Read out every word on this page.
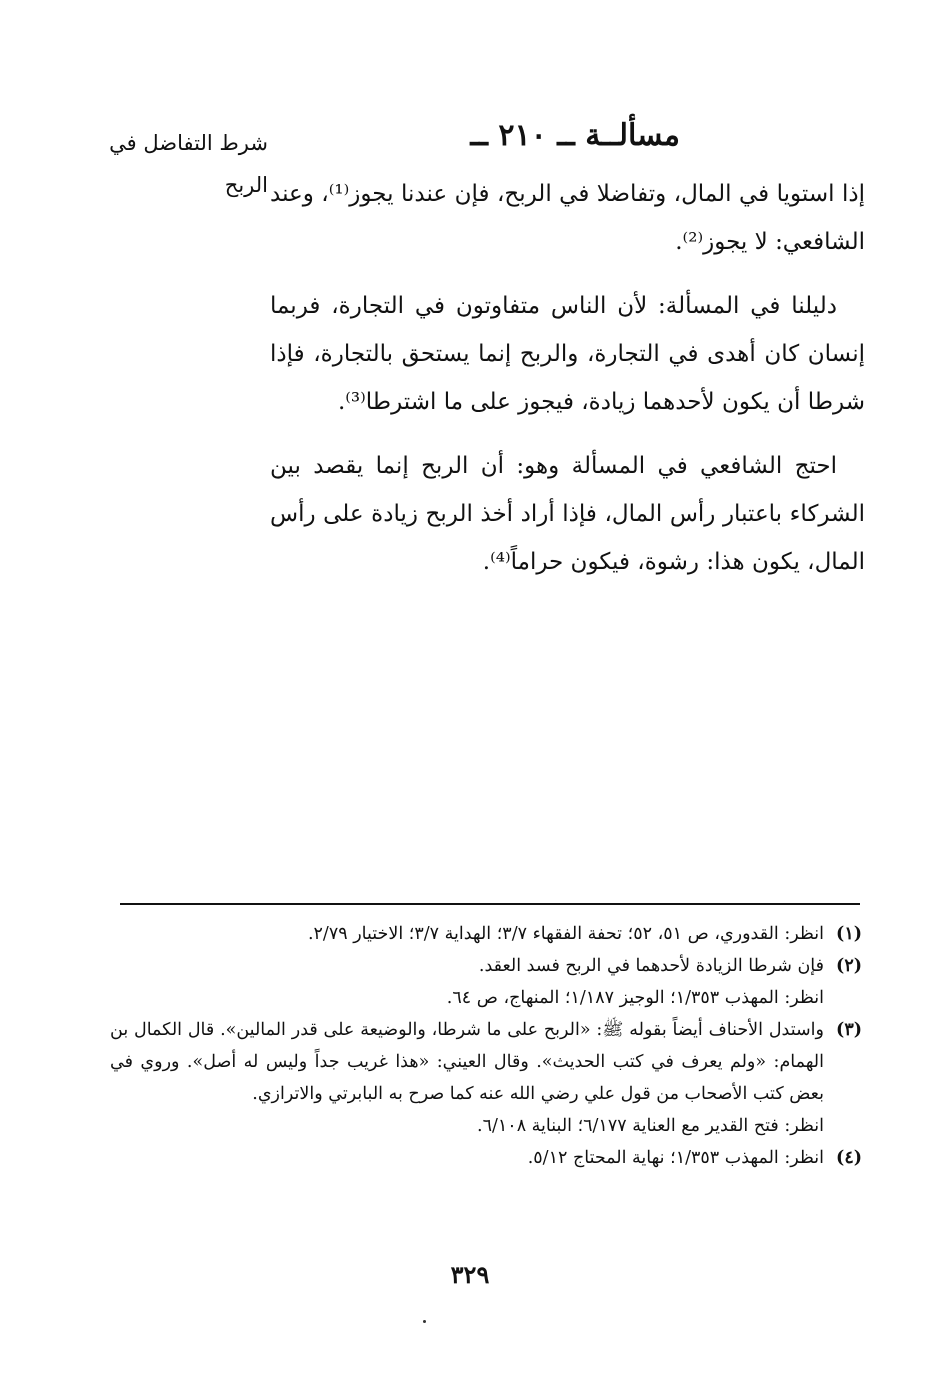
شرط التفاضل في
الربح
مسألــة ــ ٢١٠ ــ

إذا استويا في المال، وتفاضلا في الربح، فإن عندنا يجوز⁽¹⁾، وعند الشافعي: لا يجوز⁽²⁾.

دليلنا في المسألة: لأن الناس متفاوتون في التجارة، فربما إنسان كان أهدى في التجارة، والربح إنما يستحق بالتجارة، فإذا شرطا أن يكون لأحدهما زيادة، فيجوز على ما اشترطا⁽³⁾.

احتج الشافعي في المسألة وهو: أن الربح إنما يقصد بين الشركاء باعتبار رأس المال، فإذا أراد أخذ الربح زيادة على رأس المال، يكون هذا: رشوة، فيكون حراماً⁽⁴⁾.

(١)

انظر: القدوري، ص ٥١، ٥٢؛ تحفة الفقهاء ٣/٧؛ الهداية ٣/٧؛ الاختيار ٢/٧٩.

(٢)

فإن شرطا الزيادة لأحدهما في الربح فسد العقد.

انظر: المهذب ١/٣٥٣؛ الوجيز ١/١٨٧؛ المنهاج، ص ٦٤.

(٣)

واستدل الأحناف أيضاً بقوله ﷺ: «الربح على ما شرطا، والوضيعة على قدر المالين». قال الكمال بن الهمام: «ولم يعرف في كتب الحديث». وقال العيني: «هذا غريب جداً وليس له أصل». وروي في بعض كتب الأصحاب من قول علي رضي الله عنه كما صرح به البابرتي والاترازي.

انظر: فتح القدير مع العناية ٦/١٧٧؛ البناية ٦/١٠٨.

(٤)

انظر: المهذب ١/٣٥٣؛ نهاية المحتاج ٥/١٢.

٣٢٩
